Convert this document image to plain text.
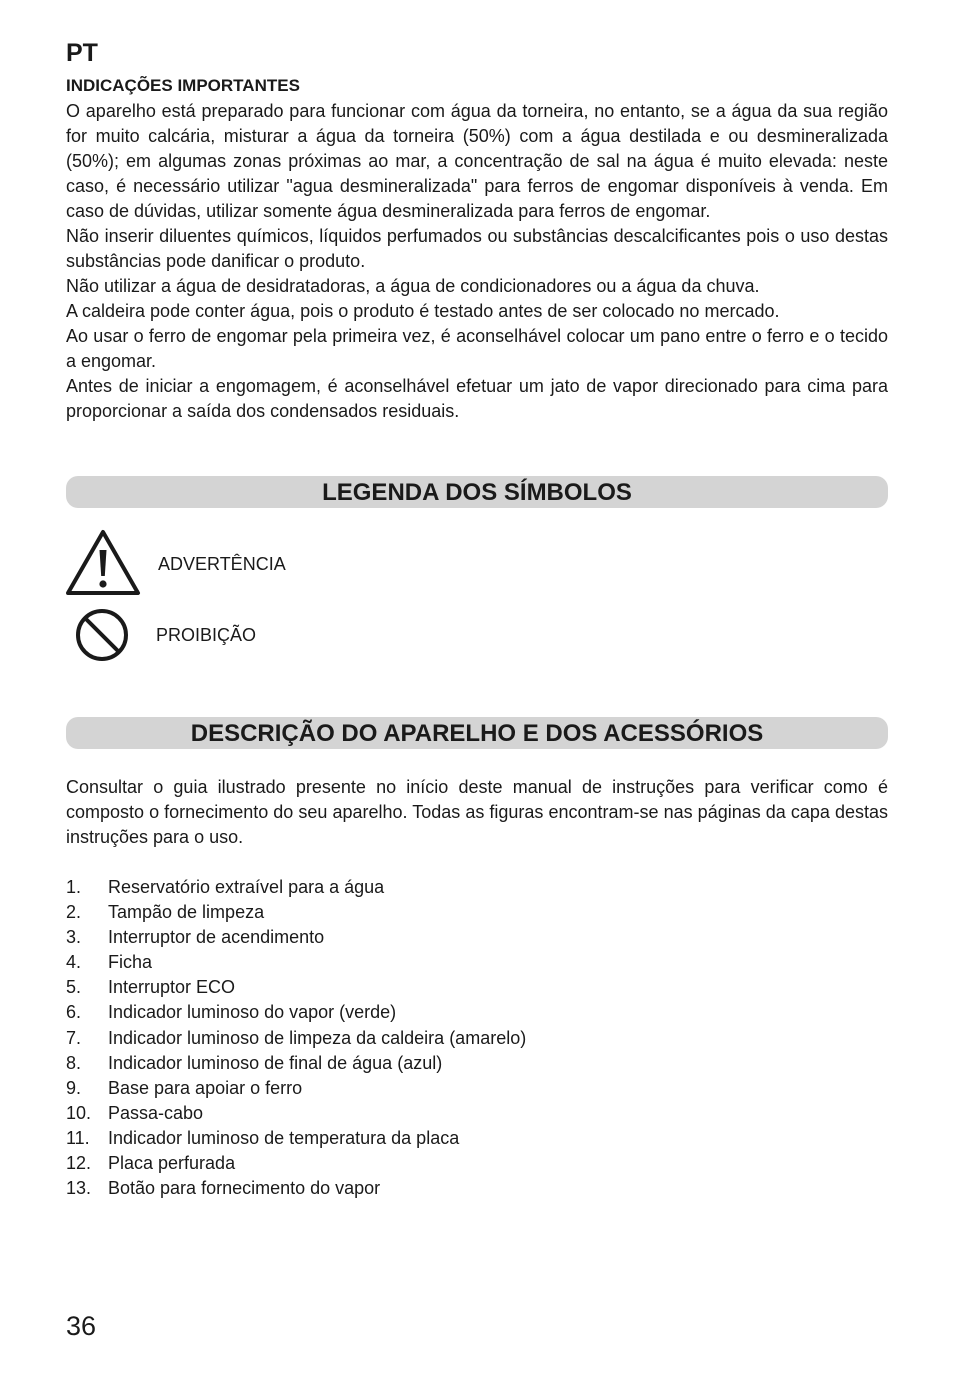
PT
INDICAÇÕES IMPORTANTES

O aparelho está preparado para funcionar com água da torneira, no entanto, se a água da sua região for muito calcária, misturar a água da torneira (50%) com a água destilada e ou desmineralizada (50%); em algumas zonas próximas ao mar, a concentração de sal na água é muito elevada: neste caso, é necessário utilizar "agua desmineralizada" para ferros de engomar disponíveis à venda. Em caso de dúvidas, utilizar somente água desmineralizada para ferros de engomar.

Não inserir diluentes químicos, líquidos perfumados ou substâncias descalcificantes pois o uso destas substâncias pode danificar o produto.

Não utilizar a água de desidratadoras, a água de condicionadores ou a água da chuva.

A caldeira pode conter água, pois o produto é testado antes de ser colocado no mercado.

Ao usar o ferro de engomar pela primeira vez, é aconselhável colocar um pano entre o ferro e o tecido a engomar.

Antes de iniciar a engomagem, é aconselhável efetuar um jato de vapor direcionado para cima para proporcionar a saída dos condensados residuais.

LEGENDA DOS SÍMBOLOS
ADVERTÊNCIA
PROIBIÇÃO
DESCRIÇÃO DO APARELHO E DOS ACESSÓRIOS
Consultar o guia ilustrado presente no início deste manual de instruções para verificar como é composto o fornecimento do seu aparelho. Todas as figuras encontram-se nas páginas da capa destas instruções para o uso.
1. Reservatório extraível para a água
2. Tampão de limpeza
3. Interruptor de acendimento
4. Ficha
5. Interruptor ECO
6. Indicador luminoso do vapor (verde)
7. Indicador luminoso de limpeza da caldeira (amarelo)
8. Indicador luminoso de final de água (azul)
9. Base para apoiar o ferro
10. Passa-cabo
11. Indicador luminoso de temperatura da placa
12. Placa perfurada
13. Botão para fornecimento do vapor
36
